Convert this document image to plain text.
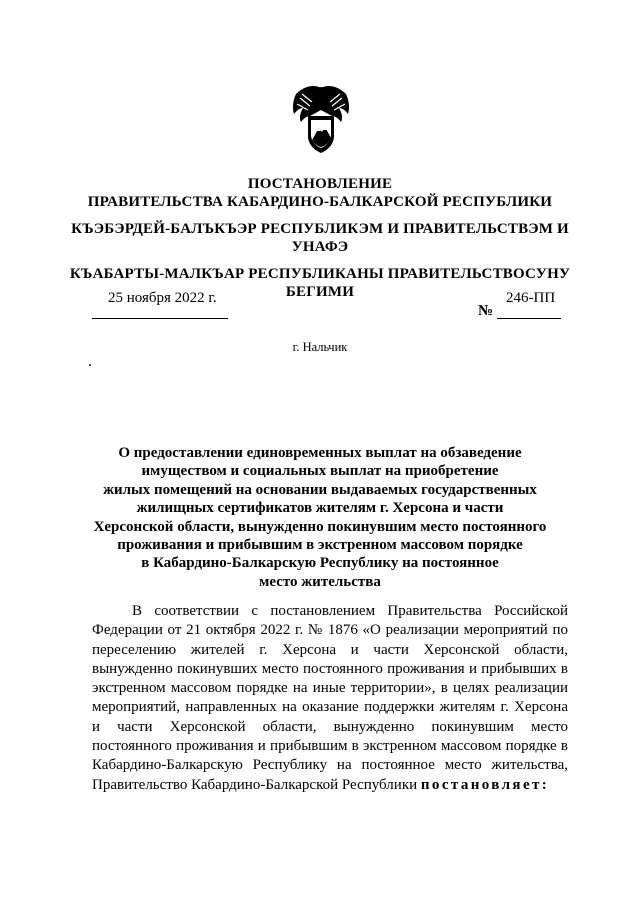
ПОСТАНОВЛЕНИЕ
ПРАВИТЕЛЬСТВА КАБАРДИНО-БАЛКАРСКОЙ РЕСПУБЛИКИ
КЪЭБЭРДЕЙ-БАЛЪКЪЭР РЕСПУБЛИКЭМ И ПРАВИТЕЛЬСТВЭМ И
УНАФЭ
КЪАБАРТЫ-МАЛКЪАР РЕСПУБЛИКАНЫ ПРАВИТЕЛЬСТВОСУНУ
БЕГИМИ
25 ноября 2022 г.
№
246-ПП
г. Нальчик
О предоставлении единовременных выплат на обзаведение
имуществом и социальных выплат на приобретение
жилых помещений на основании выдаваемых государственных
жилищных сертификатов жителям г. Херсона и части
Херсонской области, вынужденно покинувшим место постоянного
проживания и прибывшим в экстренном массовом порядке
в Кабардино-Балкарскую Республику на постоянное
место жительства
В соответствии с постановлением Правительства Российской Федерации от 21 октября 2022 г. № 1876 «О реализации мероприятий по переселению жителей г. Херсона и части Херсонской области, вынужденно покинувших место постоянного проживания и прибывших в экстренном массовом порядке на иные территории», в целях реализации мероприятий, направленных на оказание поддержки жителям г. Херсона и части Херсонской области, вынужденно покинувшим место постоянного проживания и прибывшим в экстренном массовом порядке в Кабардино-Балкарскую Республику на постоянное место жительства, Правительство Кабардино-Балкарской Республики постановляет:
